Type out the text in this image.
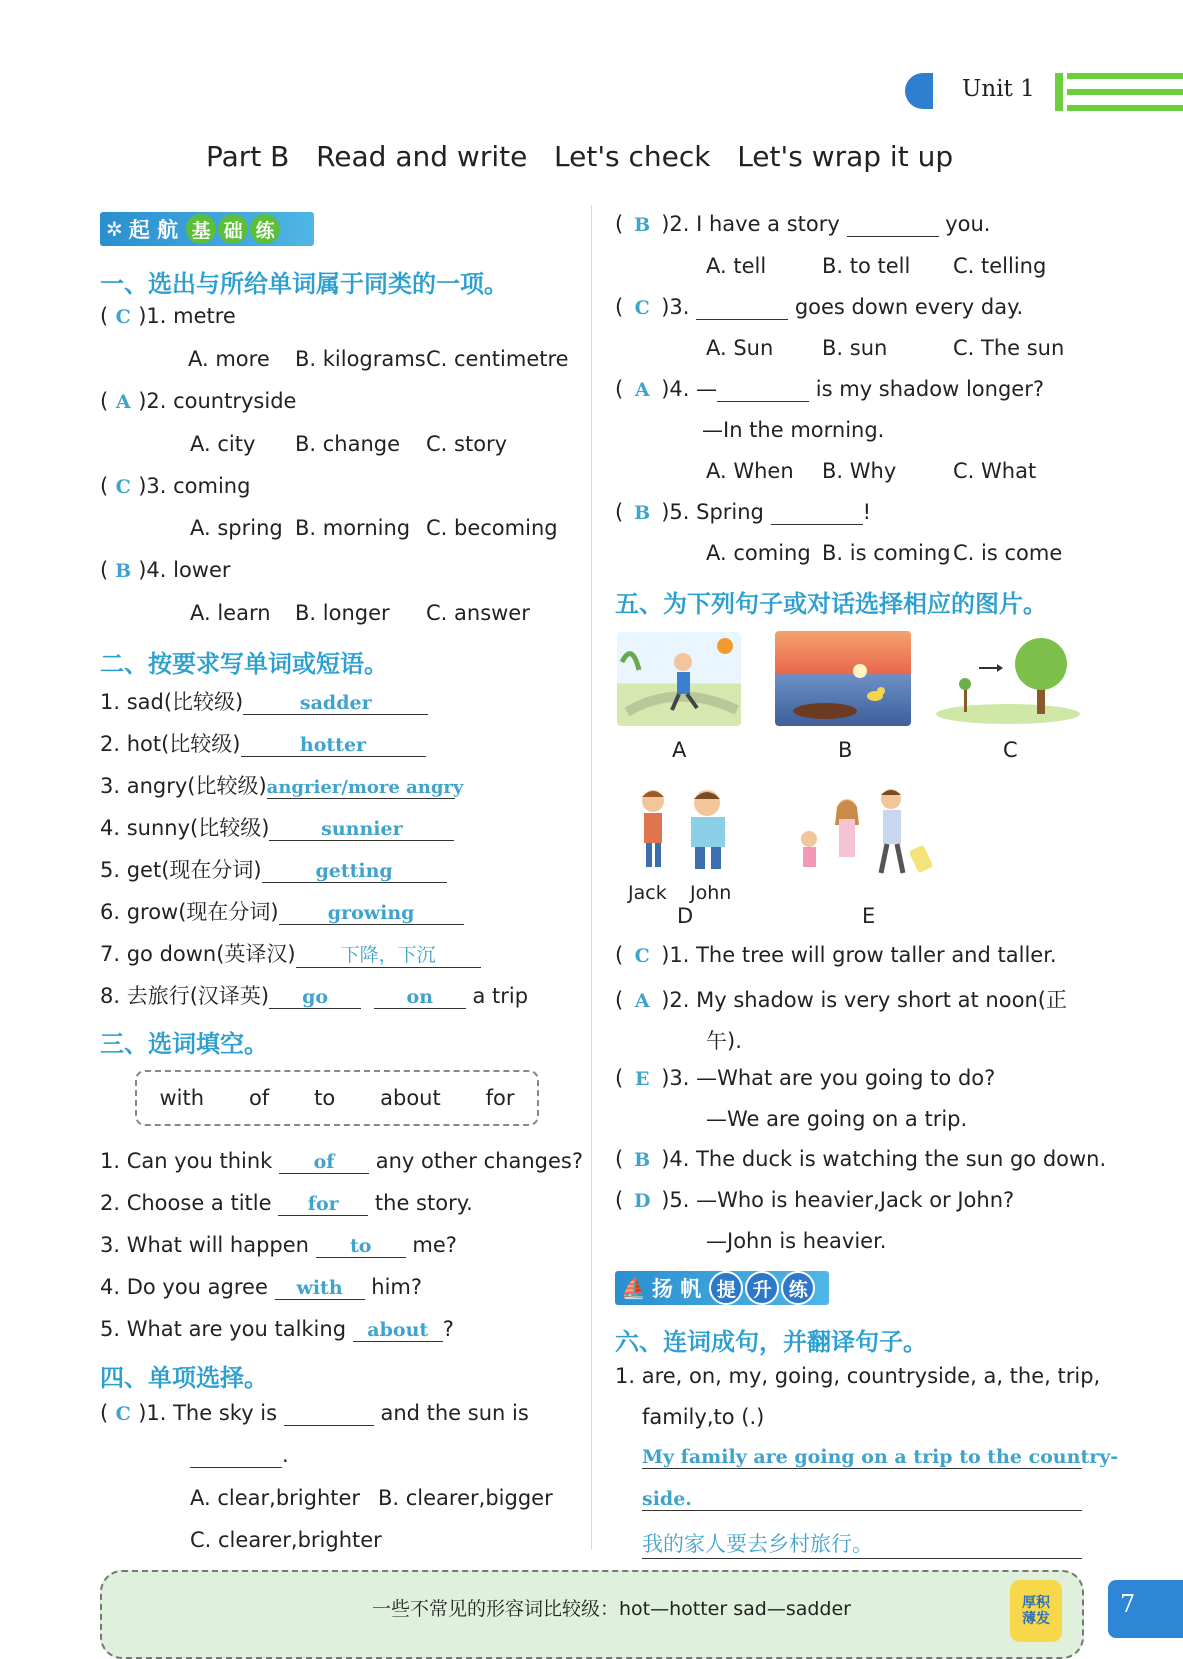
Unit 1
Part B   Read and write   Let's check   Let's wrap it up
✲ 起 航 基 础 练
一、选出与所给单词属于同类的一项。
( C )1. metre
A. more B. kilograms C. centimetre
( A )2. countryside
A. city B. change C. story
( C )3. coming
A. spring B. morning C. becoming
( B )4. lower
A. learn B. longer C. answer
二、按要求写单词或短语。
1. sad(比较级)	sadder
2. hot(比较级)	hotter
3. angry(比较级)angrier/more angry
4. sunny(比较级)	sunnier
5. get(现在分词)	getting
6. grow(现在分词)	growing
7. go down(英译汉) 下降，下沉
8. 去旅行(汉译英) go	on a trip
三、选词填空。
with of to about for
1. Can you think of any other changes?
2. Choose a title for the story.
3. What will happen to me?
4. Do you agree with him?
5. What are you talking about ?
四、单项选择。
( C )1. The sky is	and the sun is
.
A. clear,brighter B. clearer,bigger
C. clearer,brighter
( B )2. I have a story	you.
A. tell	B. to tell C. telling
( C )3.	goes down every day.
A. Sun B. sun	C. The sun
( A )4. —	is my shadow longer?
—In the morning.
A. When B. Why	C. What
( B )5. Spring	!
A. coming B. is coming C. is come
五、为下列句子或对话选择相应的图片。
A	B	C
Jack John
D	E
( C )1. The tree will grow taller and taller.
( A )2. My shadow is very short at noon(正
午).
( E )3. —What are you going to do?
—We are going on a trip.
( B )4. The duck is watching the sun go down.
( D )5. —Who is heavier,Jack or John?
—John is heavier.
⛵ 扬 帆 提 升 练
六、连词成句，并翻译句子。
1. are, on, my, going, countryside, a, the, trip,
family,to (.)
My family are going on a trip to the country-
side.
我的家人要去乡村旅行。
一些不常见的形容词比较级：hot—hotter sad—sadder	厚积薄发
7
